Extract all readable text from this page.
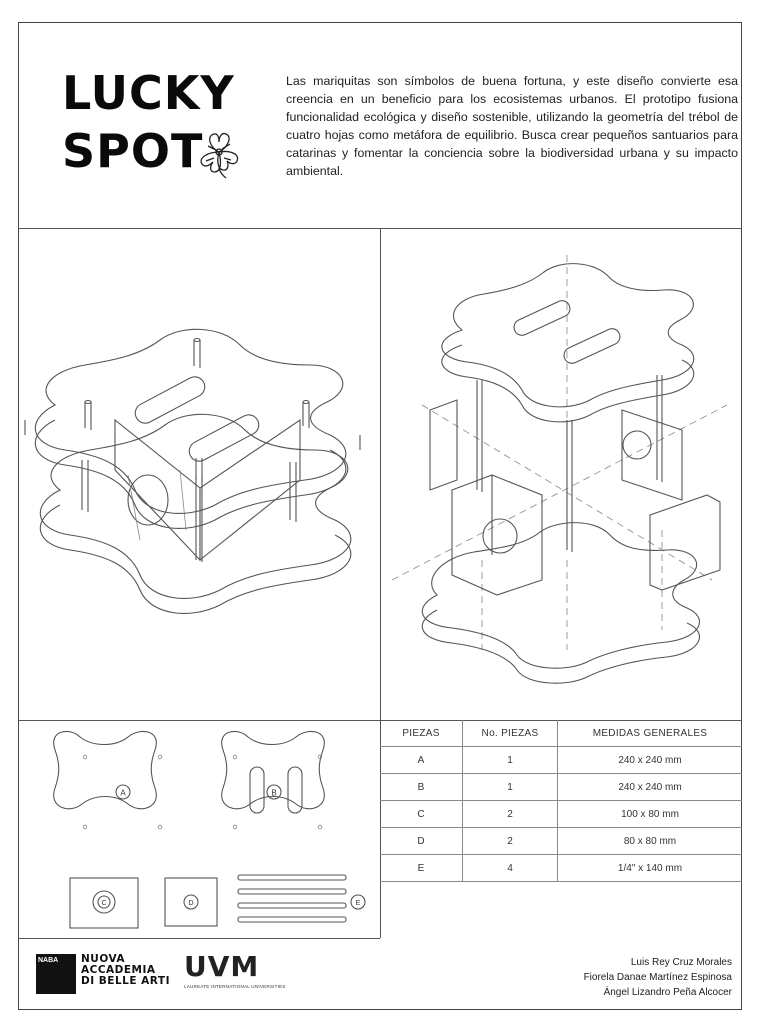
LUCKY
SPOT
Las mariquitas son símbolos de buena fortuna, y este diseño convierte esa creencia en un beneficio para los ecosistemas urbanos. El prototipo fusiona funcionalidad ecológica y diseño sostenible, utilizando la geometría del trébol de cuatro hojas como metáfora de equilibrio. Busca crear pequeños santuarios para catarinas y fomentar la conciencia sobre la biodiversidad urbana y su impacto ambiental.
A	B
C	D	E
PIEZAS	No. PIEZAS	MEDIDAS GENERALES
A	1	240 x 240 mm
B	1	240 x 240 mm
C	2	100 x 80 mm
D	2	80 x 80 mm
E	4	1/4" x 140 mm
NABA	NUOVA
ACCADEMIA
DI BELLE ARTI UVM
LAUREATE INTERNATIONAL UNIVERSITIES
Luis Rey Cruz Morales
Fiorela Danae Martínez Espinosa
Ángel Lizandro Peña Alcocer
